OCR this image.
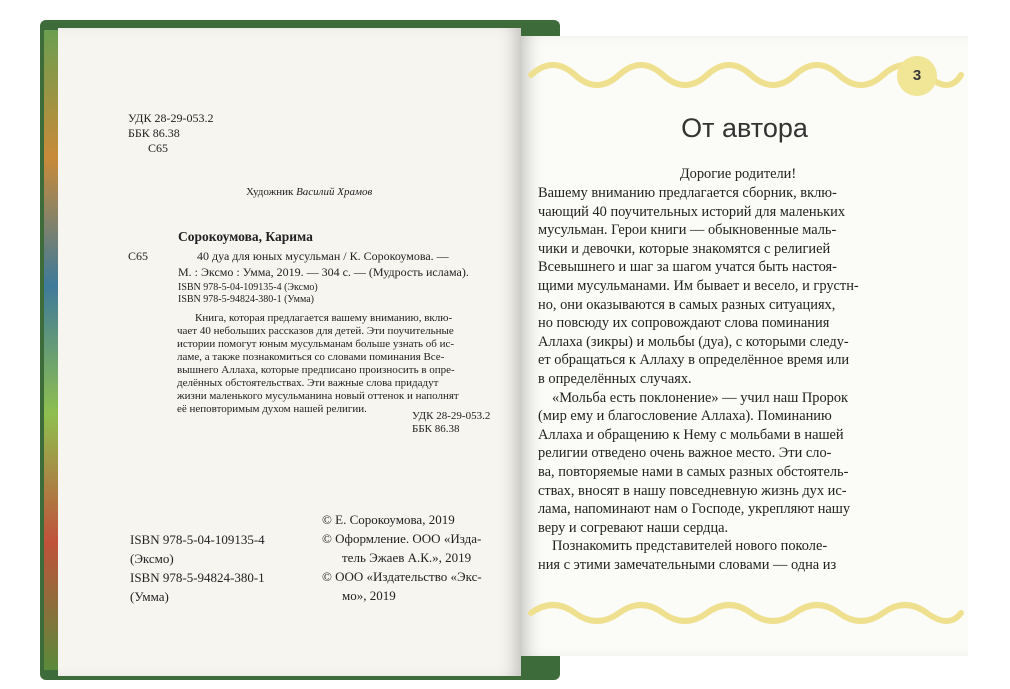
УДК 28-29-053.2
ББК 86.38
С65
Художник Василий Храмов
Сорокоумова, Карима
С65	40 дуа для юных мусульман / К. Сорокоумова. —
М. : Эксмо : Умма, 2019. — 304 с. — (Мудрость ислама).
ISBN 978-5-04-109135-4 (Эксмо)
ISBN 978-5-94824-380-1 (Умма)
Книга, которая предлагается вашему вниманию, вклю-
чает 40 небольших рассказов для детей. Эти поучительные
истории помогут юным мусульманам больше узнать об ис-
ламе, а также познакомиться со словами поминания Все-
вышнего Аллаха, которые предписано произносить в опре-
делённых обстоятельствах. Эти важные слова придадут
жизни маленького мусульманина новый оттенок и наполнят
её неповторимым духом нашей религии.
УДК 28-29-053.2
ББК 86.38
ISBN 978-5-04-109135-4
(Эксмо)
ISBN 978-5-94824-380-1
(Умма)
© Е. Сорокоумова, 2019
© Оформление. ООО «Изда-
тель Эжаев А.К.», 2019
© ООО «Издательство «Экс-
мо», 2019
3
От автора
Дорогие родители!
Вашему вниманию предлагается сборник, вклю-
чающий 40 поучительных историй для маленьких
мусульман. Герои книги — обыкновенные маль-
чики и девочки, которые знакомятся с религией
Всевышнего и шаг за шагом учатся быть настоя-
щими мусульманами. Им бывает и весело, и грустн-
но, они оказываются в самых разных ситуациях,
но повсюду их сопровождают слова поминания
Аллаха (зикры) и мольбы (дуа), с которыми следу-
ет обращаться к Аллаху в определённое время или
в определённых случаях.
«Мольба есть поклонение» — учил наш Пророк
(мир ему и благословение Аллаха). Поминанию
Аллаха и обращению к Нему с мольбами в нашей
религии отведено очень важное место. Эти сло-
ва, повторяемые нами в самых разных обстоятель-
ствах, вносят в нашу повседневную жизнь дух ис-
лама, напоминают нам о Господе, укрепляют нашу
веру и согревают наши сердца.
Познакомить представителей нового поколе-
ния с этими замечательными словами — одна из
